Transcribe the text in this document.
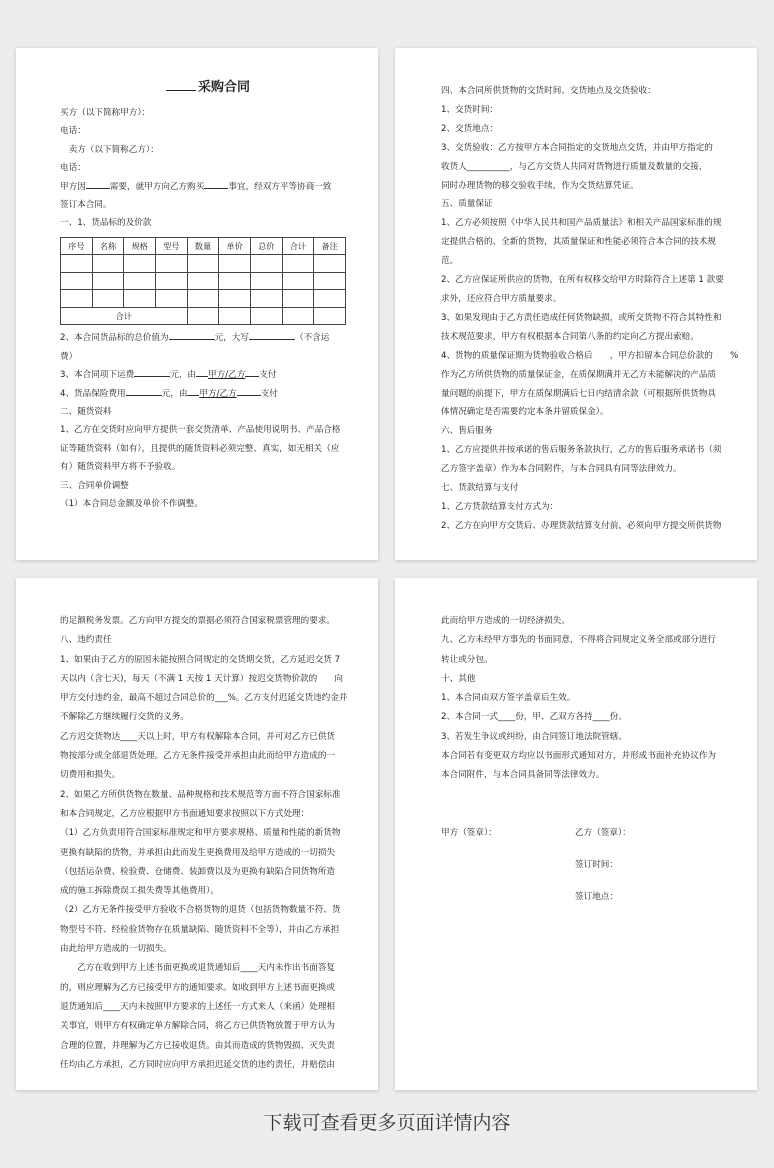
采购合同
买方（以下简称甲方）：
电话：
　卖方（以下简称乙方）：
电话：
甲方因	需要，就甲方向乙方购买	事宜，经双方平等协商一致
签订本合同。
一、1、货品标的及价款
序号	名称	规格	型号	数量	单价	总价	合计	备注

合计								
2、本合同货品标的总价值为	元，大写	（不含运
费）
3、本合同项下运费	元，由 甲方/乙方 支付
4、货品保险费用	元，由 甲方/乙方	支付
二、随货资料
1、乙方在交货时应向甲方提供一套交货清单、产品使用说明书、产品合格
证等随货资料（如有），且提供的随货资料必须完整、真实，如无相关（应
有）随货资料甲方将不予验收。
三、合同单价调整
（1）本合同总金额及单价不作调整。
四、本合同所供货物的交货时间、交货地点及交货验收：
1、交货时间：
2、交货地点：
3、交货验收：乙方按甲方本合同指定的交货地点交货，并由甲方指定的
收货人__________，与乙方交货人共同对货物进行质量及数量的交接，
同时办理货物的移交验收手续，作为交货结算凭证。
五、质量保证
1、乙方必须按照《中华人民共和国产品质量法》和相关产品国家标准的规
定提供合格的、全新的货物，其质量保证和性能必须符合本合同的技术规
范。
2、乙方应保证所供应的货物，在所有权移交给甲方时除符合上述第 1 款要
求外，还应符合甲方质量要求。
3、如果发现由于乙方责任造成任何货物缺损，或所交货物不符合其特性和
技术规范要求，甲方有权根据本合同第八条的约定向乙方提出索赔。
4、货物的质量保证期为货物验收合格后　　，甲方扣留本合同总价款的　　%
作为乙方所供货物的质量保证金，在质保期满并无乙方未能解决的产品质
量问题的前提下，甲方在质保期满后七日内结清余款（可根据所供货物具
体情况确定是否需要约定本条并留质保金）。
六、售后服务
1、乙方应提供并按承诺的售后服务条款执行，乙方的售后服务承诺书（须
乙方签字盖章）作为本合同附件，与本合同具有同等法律效力。
七、货款结算与支付
1、乙方货款结算支付方式为：
2、乙方在向甲方交货后、办理货款结算支付前，必须向甲方提交所供货物
的足额税务发票。乙方向甲方提交的票据必须符合国家税票管理的要求。
八、违约责任
1、如果由于乙方的原因未能按照合同规定的交货期交货，乙方延迟交货 7
天以内（含七天)，每天（不满 1 天按 1 天计算）按迟交货物价款的　　向
甲方交付违约金，最高不超过合同总价的___%。乙方支付迟延交货违约金并
不解除乙方继续履行交货的义务。
乙方迟交货物达____天以上时，甲方有权解除本合同，并可对乙方已供货
物按部分或全部退货处理。乙方无条件接受并承担由此而给甲方造成的一
切费用和损失。
2、如果乙方所供货物在数量、品种规格和技术规范等方面不符合国家标准
和本合同规定，乙方应根据甲方书面通知要求按照以下方式处理：
（1）乙方负责用符合国家标准规定和甲方要求规格、质量和性能的新货物
更换有缺陷的货物，并承担由此而发生更换费用及给甲方造成的一切损失
（包括运杂费、检验费、仓储费、装卸费以及为更换有缺陷合同货物所造
成的施工拆除费误工损失费等其他费用）。
（2）乙方无条件接受甲方验收不合格货物的退货（包括货物数量不符、货
物型号不符、经检验货物存在质量缺陷、随货资料不全等），并由乙方承担
由此给甲方造成的一切损失。
　　乙方在收到甲方上述书面更换或退货通知后____天内未作出书面答复
的，则应理解为乙方已接受甲方的通知要求。如收到甲方上述书面更换或
退货通知后____天内未按照甲方要求的上述任一方式来人（来函）处理相
关事宜，则甲方有权确定单方解除合同，将乙方已供货物放置于甲方认为
合理的位置，并理解为乙方已接收退货。由其而造成的货物毁损、灭失责
任均由乙方承担，乙方同时应向甲方承担迟延交货的违约责任，并赔偿由
此而给甲方造成的一切经济损失。
九、乙方未经甲方事先的书面同意，不得将合同规定义务全部或部分进行
转让或分包。
十、其他
1、本合同由双方签字盖章后生效。
2、本合同一式____份，甲、乙双方各持____份。
3、若发生争议或纠纷，由合同签订地法院管辖。
本合同若有变更双方均应以书面形式通知对方，并形成书面补充协议作为
本合同附件，与本合同具备同等法律效力。
甲方（签章）：	乙方（签章）：
签订时间：
签订地点：
下载可查看更多页面详情内容
